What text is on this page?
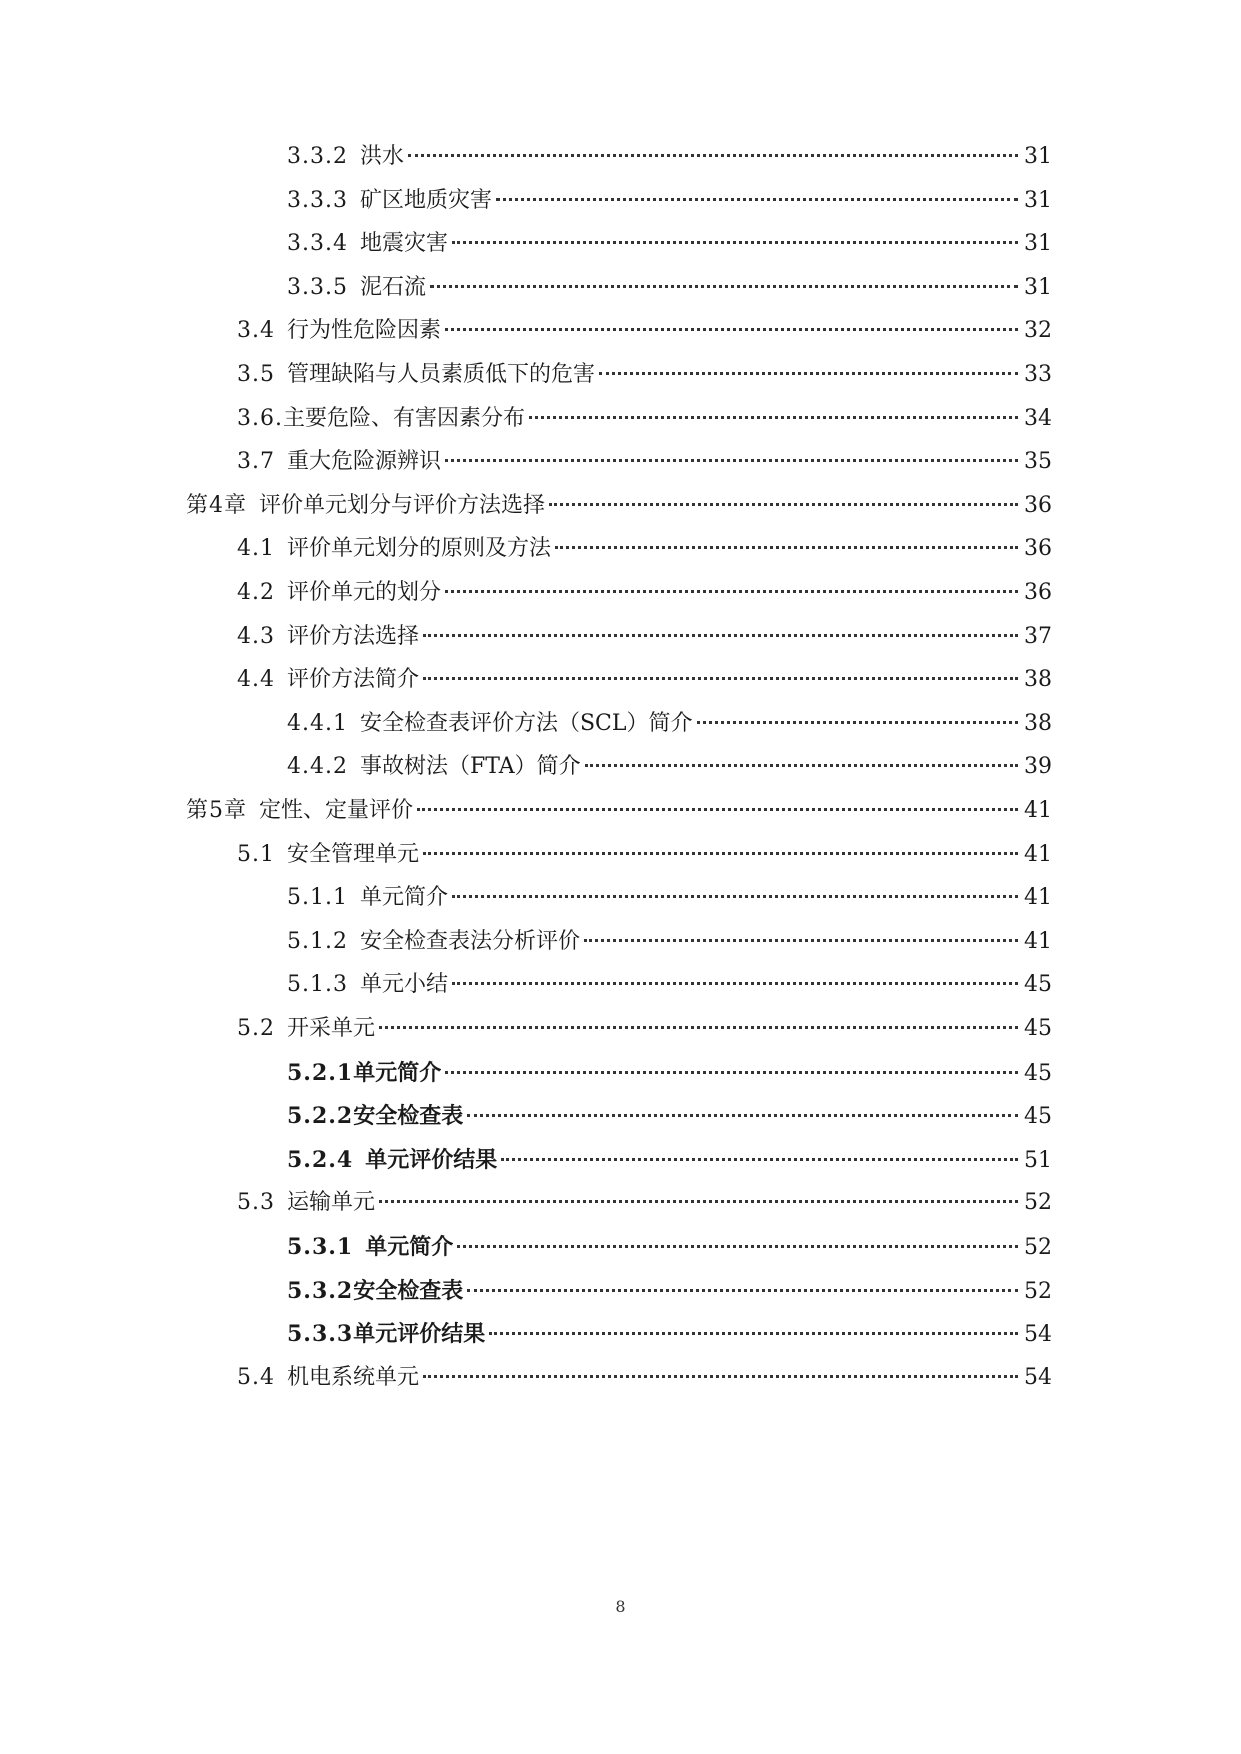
3.3.2 洪水	31
3.3.3 矿区地质灾害	31
3.3.4 地震灾害	31
3.3.5 泥石流	31
3.4 行为性危险因素	32
3.5 管理缺陷与人员素质低下的危害	33
3.6. 主要危险、有害因素分布	34
3.7 重大危险源辨识	35
第4章 评价单元划分与评价方法选择	36
4.1 评价单元划分的原则及方法	36
4.2 评价单元的划分	36
4.3 评价方法选择	37
4.4 评价方法简介	38
4.4.1 安全检查表评价方法（SCL）简介	38
4.4.2 事故树法（FTA）简介	39
第5章 定性、定量评价	41
5.1 安全管理单元	41
5.1.1 单元简介	41
5.1.2 安全检查表法分析评价	41
5.1.3 单元小结	45
5.2 开采单元	45
5.2.1 单元简介	45
5.2.2 安全检查表	45
5.2.4 单元评价结果	51
5.3 运输单元	52
5.3.1 单元简介	52
5.3.2 安全检查表	52
5.3.3 单元评价结果	54
5.4 机电系统单元	54
8
